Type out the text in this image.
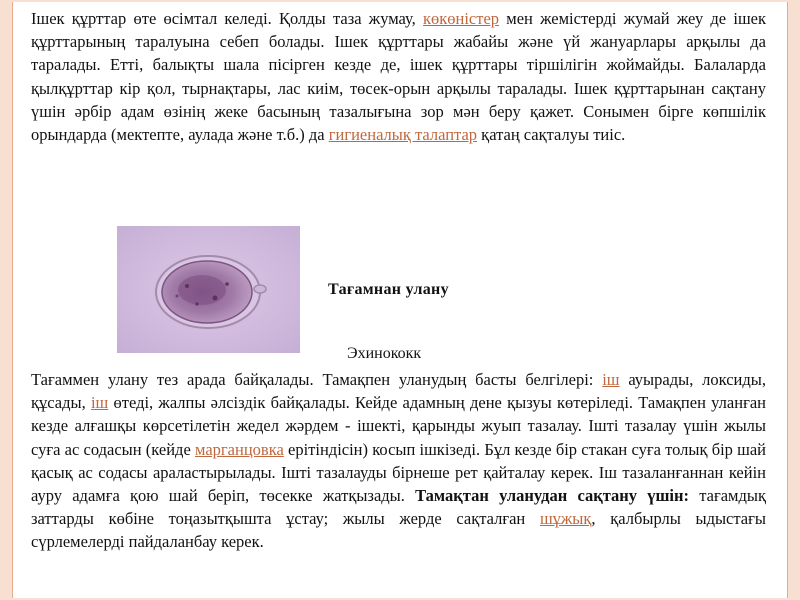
Ішек құрттар өте өсімтал келеді. Қолды таза жумау, көкөністер мен жемістерді жумай жеу де ішек құрттарының таралуына себеп болады. Ішек құрттары жабайы және үй жануарлары арқылы да таралады. Етті, балықты шала пісірген кезде де, ішек құрттары тіршілігін жоймайды. Балаларда қылқұрттар кір қол, тырнақтары, лас киім, төсек-орын арқылы таралады. Ішек құрттарынан сақтану үшін әрбір адам өзінің жеке басының тазалығына зор мән беру қажет. Сонымен бірге көпшілік орындарда (мектепте, аулада және т.б.) да гигиеналық талаптар қатаң сақталуы тиіс.
Тағамнан улану
Эхинококк
Тағаммен улану тез арада байқалады. Тамақпен уланудың басты белгілері: іш ауырады, локсиды, құсады, іш өтеді, жалпы әлсіздік байқалады. Кейде адамның дене қызуы көтеріледі. Тамақпен уланған кезде алғашқы көрсетілетін жедел жәрдем - ішекті, қарынды жуып тазалау. Ішті тазалау үшін жылы суға ас содасын (кейде марганцовка ерітіндісін) косып ішкізеді. Бұл кезде бір стакан суға толық бір шай қасық ас содасы араластырылады. Ішті тазалауды бірнеше рет қайталау керек. Іш тазаланғаннан кейін ауру адамға қою шай беріп, төсекке жатқызады. Тамақтан уланудан сақтану үшін: тағамдық заттарды көбіне тоңазытқышта ұстау; жылы жерде сақталған шұжық, қалбырлы ыдыстағы сүрлемелерді пайдаланбау керек.
